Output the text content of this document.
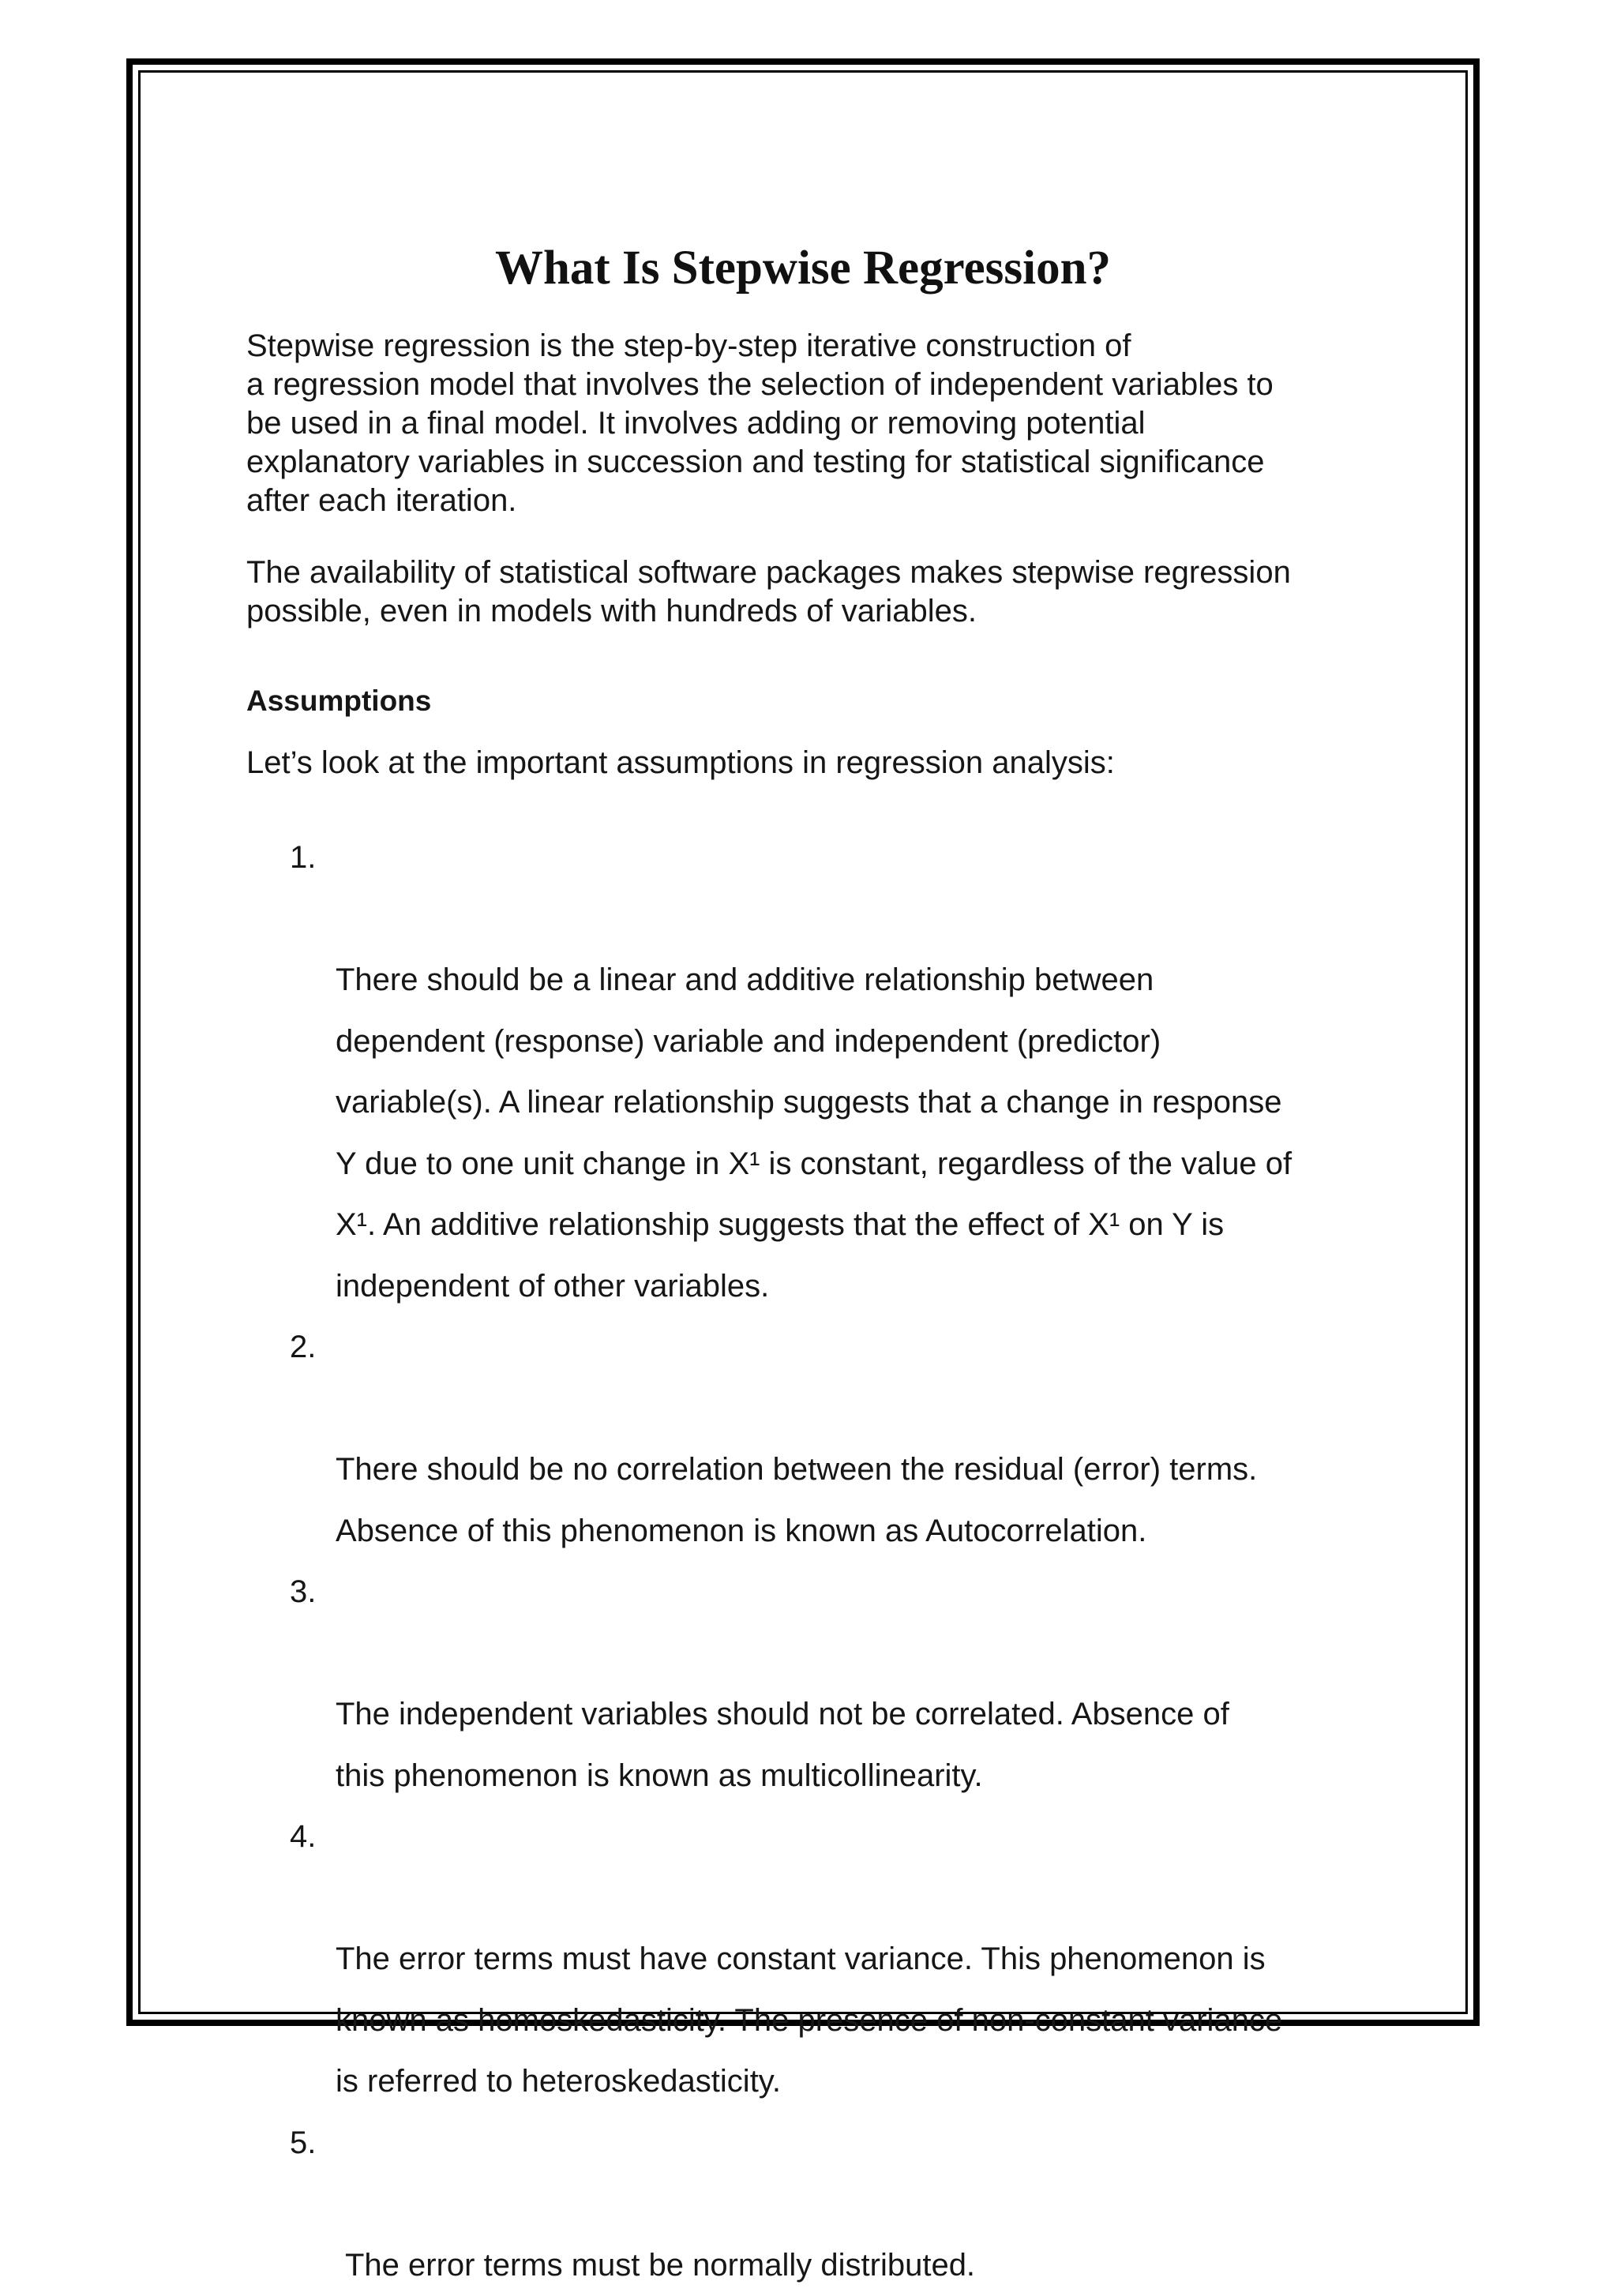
What Is Stepwise Regression?

Stepwise regression is the step-by-step iterative construction of
a regression model that involves the selection of independent variables to
be used in a final model. It involves adding or removing potential
explanatory variables in succession and testing for statistical significance
after each iteration.

The availability of statistical software packages makes stepwise regression
possible, even in models with hundreds of variables.

Assumptions

Let’s look at the important assumptions in regression analysis:

1.

There should be a linear and additive relationship between
dependent (response) variable and independent (predictor)
variable(s). A linear relationship suggests that a change in response
Y due to one unit change in X¹ is constant, regardless of the value of
X¹. An additive relationship suggests that the effect of X¹ on Y is
independent of other variables.

2.

There should be no correlation between the residual (error) terms.
Absence of this phenomenon is known as Autocorrelation.

3.

The independent variables should not be correlated. Absence of
this phenomenon is known as multicollinearity.

4.

The error terms must have constant variance. This phenomenon is
known as homoskedasticity. The presence of non-constant variance
is referred to heteroskedasticity.

5.

The error terms must be normally distributed.
